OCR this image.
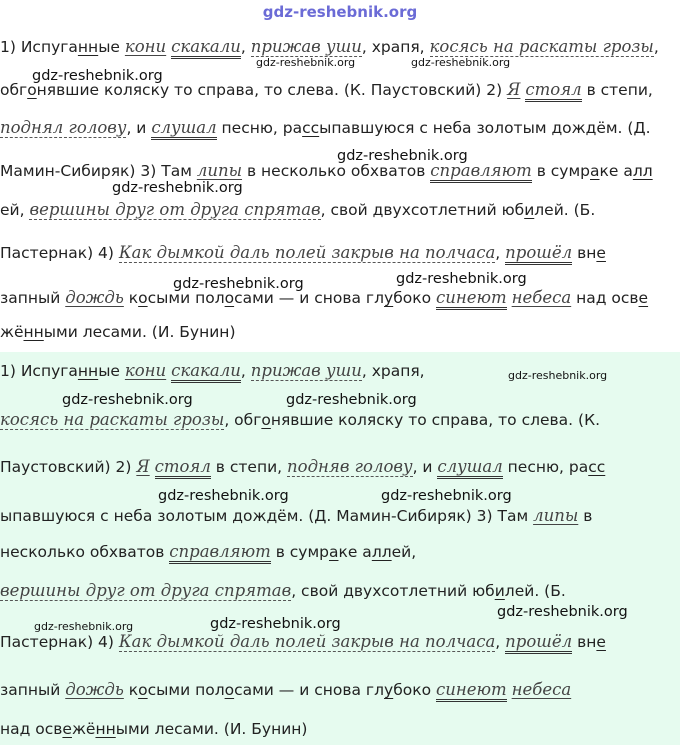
gdz-reshebnik.org
1) Испуганные кони скакали, прижав уши, храпя, косясь на раскаты грозы,
обгонявшие коляску то справа, то слева. (К. Паустовский) 2) Я стоял в степи,
поднял голову, и слушал песню, рассыпавшуюся с неба золотым дождём. (Д.
Мамин-Сибиряк) 3) Там липы в несколько обхватов справляют в сумраке алл
ей, вершины друг от друга спрятав, свой двухсотлетний юбилей. (Б.
Пастернак) 4) Как дымкой даль полей закрыв на полчаса, прошёл вне
запный дождь косыми полосами — и снова глубоко синеют небеса над осве
жёнными лесами. (И. Бунин)
gdz-reshebnik.org	gdz-reshebnik.org
gdz-reshebnik.org
gdz-reshebnik.org
gdz-reshebnik.org
gdz-reshebnik.org	gdz-reshebnik.org
1) Испуганные кони скакали, прижав уши, храпя,
косясь на раскаты грозы, обгонявшие коляску то справа, то слева. (К.
Паустовский) 2) Я стоял в степи, подняв голову, и слушал песню, расс
ыпавшуюся с неба золотым дождём. (Д. Мамин-Сибиряк) 3) Там липы в
несколько обхватов справляют в сумраке аллей,
вершины друг от друга спрятав, свой двухсотлетний юбилей. (Б.
Пастернак) 4) Как дымкой даль полей закрыв на полчаса, прошёл вне
запный дождь косыми полосами — и снова глубоко синеют небеса
над освежёнными лесами. (И. Бунин)
gdz-reshebnik.org
gdz-reshebnik.org	gdz-reshebnik.org
gdz-reshebnik.org	gdz-reshebnik.org
gdz-reshebnik.org
gdz-reshebnik.org	gdz-reshebnik.org
